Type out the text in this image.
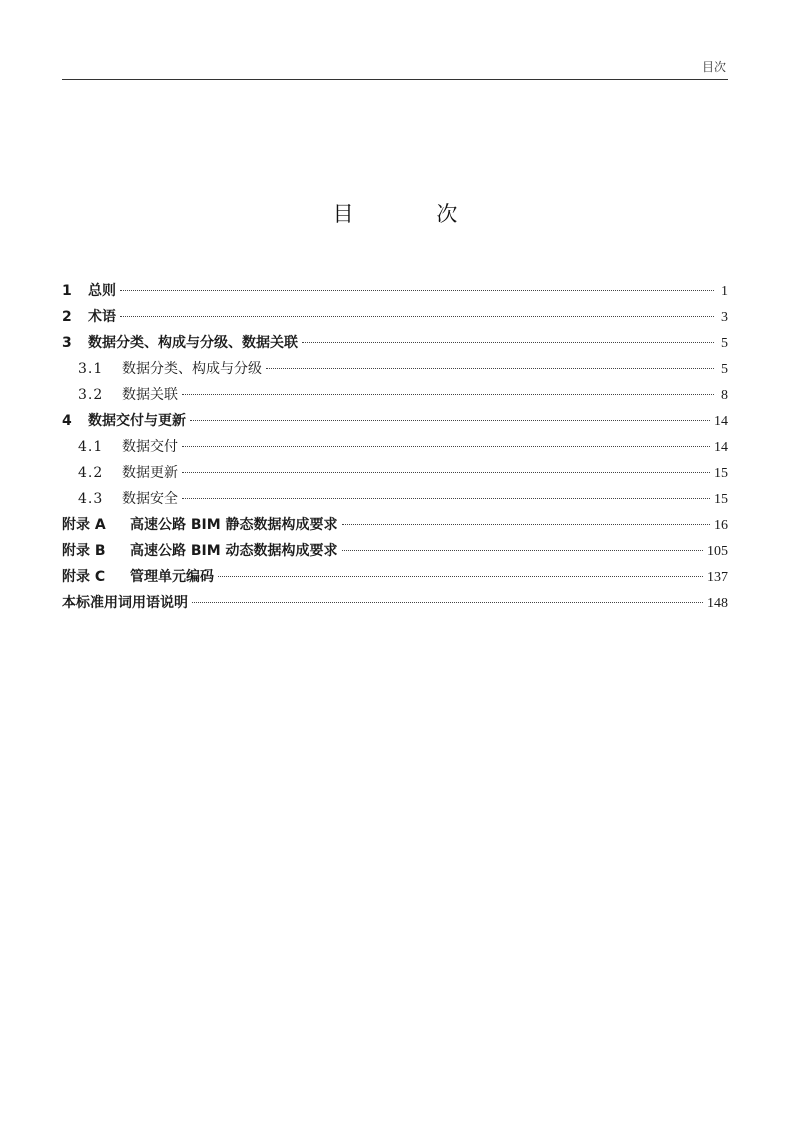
目次
目 次
1	总则	1
2	术语	3
3	数据分类、构成与分级、数据关联	5
3.1	数据分类、构成与分级	5
3.2	数据关联	8
4	数据交付与更新	14
4.1	数据交付	14
4.2	数据更新	15
4.3	数据安全	15
附录 A	高速公路 BIM 静态数据构成要求	16
附录 B	高速公路 BIM 动态数据构成要求	105
附录 C	管理单元编码	137
本标准用词用语说明	148
